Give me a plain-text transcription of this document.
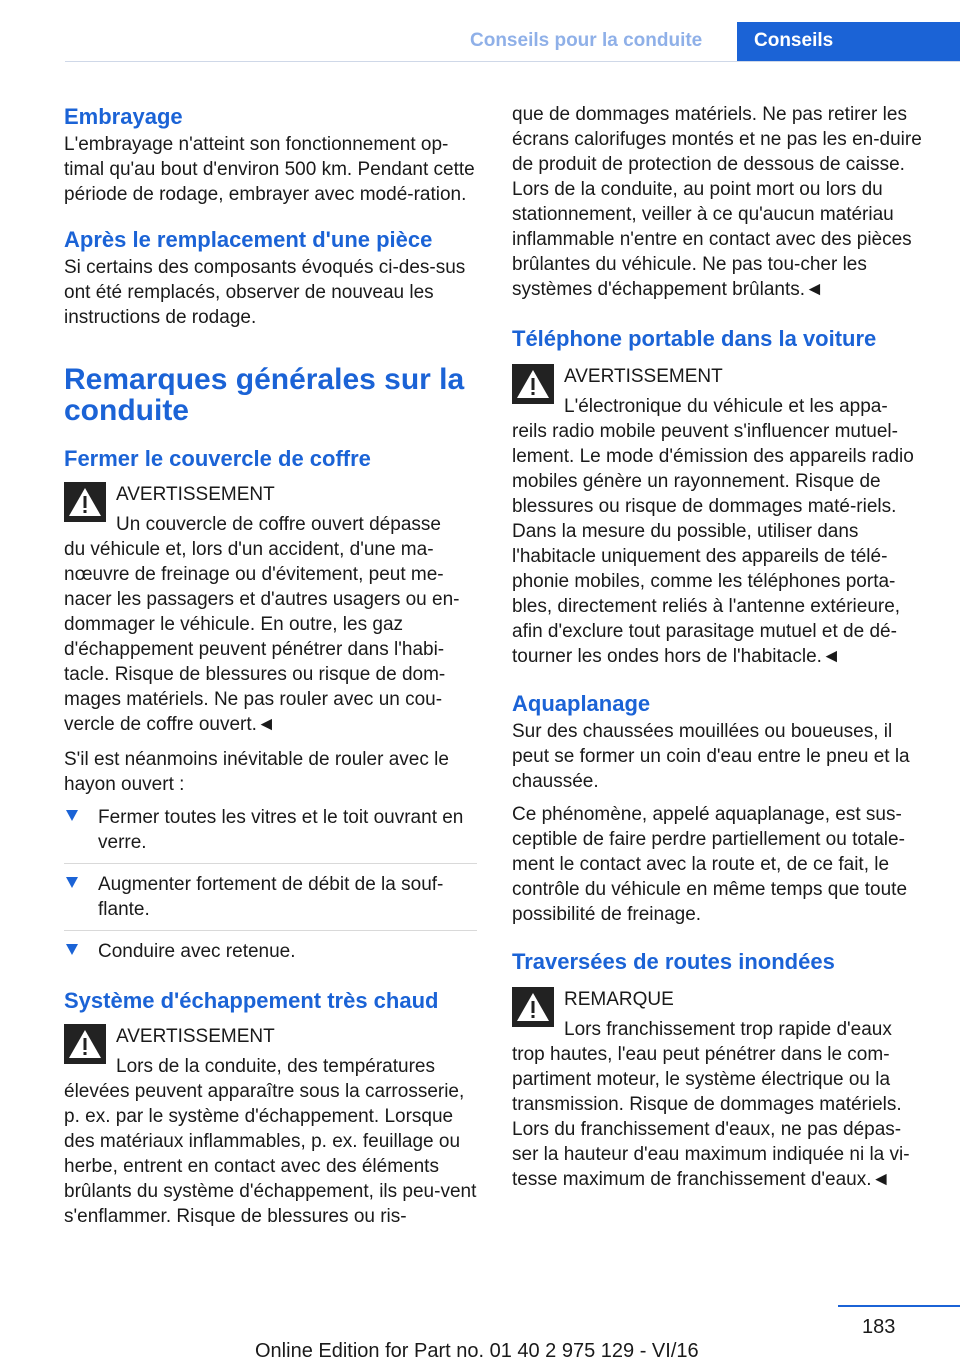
Conseils pour la conduite	Conseils
Embrayage

L'embrayage n'atteint son fonctionnement op-timal qu'au bout d'environ 500 km. Pendant cette période de rodage, embrayer avec modé-ration.

Après le remplacement d'une pièce

Si certains des composants évoqués ci-des-sus ont été remplacés, observer de nouveau les instructions de rodage.

Remarques générales sur la conduite
Fermer le couvercle de coffre
AVERTISSEMENT
Un couvercle de coffre ouvert dépasse

du véhicule et, lors d'un accident, d'une ma-nœuvre de freinage ou d'évitement, peut me-nacer les passagers et d'autres usagers ou en-dommager le véhicule. En outre, les gaz d'échappement peuvent pénétrer dans l'habi-tacle. Risque de blessures ou risque de dom-mages matériels. Ne pas rouler avec un cou-vercle de coffre ouvert.◄

S'il est néanmoins inévitable de rouler avec le hayon ouvert :

Fermer toutes les vitres et le toit ouvrant en verre.
Augmenter fortement de débit de la souf-flante.
Conduire avec retenue.
Système d'échappement très chaud
AVERTISSEMENT
Lors de la conduite, des températures

élevées peuvent apparaître sous la carrosserie, p. ex. par le système d'échappement. Lorsque des matériaux inflammables, p. ex. feuillage ou herbe, entrent en contact avec des éléments brûlants du système d'échappement, ils peu-vent s'enflammer. Risque de blessures ou ris-

que de dommages matériels. Ne pas retirer les écrans calorifuges montés et ne pas les en-duire de produit de protection de dessous de caisse. Lors de la conduite, au point mort ou lors du stationnement, veiller à ce qu'aucun matériau inflammable n'entre en contact avec des pièces brûlantes du véhicule. Ne pas tou-cher les systèmes d'échappement brûlants.◄

Téléphone portable dans la voiture
AVERTISSEMENT
L'électronique du véhicule et les appa-

reils radio mobile peuvent s'influencer mutuel-lement. Le mode d'émission des appareils radio mobiles génère un rayonnement. Risque de blessures ou risque de dommages maté-riels. Dans la mesure du possible, utiliser dans l'habitacle uniquement des appareils de télé-phonie mobiles, comme les téléphones porta-bles, directement reliés à l'antenne extérieure, afin d'exclure tout parasitage mutuel et de dé-tourner les ondes hors de l'habitacle.◄

Aquaplanage

Sur des chaussées mouillées ou boueuses, il peut se former un coin d'eau entre le pneu et la chaussée.

Ce phénomène, appelé aquaplanage, est sus-ceptible de faire perdre partiellement ou totale-ment le contact avec la route et, de ce fait, le contrôle du véhicule en même temps que toute possibilité de freinage.

Traversées de routes inondées
REMARQUE
Lors franchissement trop rapide d'eaux

trop hautes, l'eau peut pénétrer dans le com-partiment moteur, le système électrique ou la transmission. Risque de dommages matériels. Lors du franchissement d'eaux, ne pas dépas-ser la hauteur d'eau maximum indiquée ni la vi-tesse maximum de franchissement d'eaux.◄

183
Online Edition for Part no. 01 40 2 975 129 - VI/16
